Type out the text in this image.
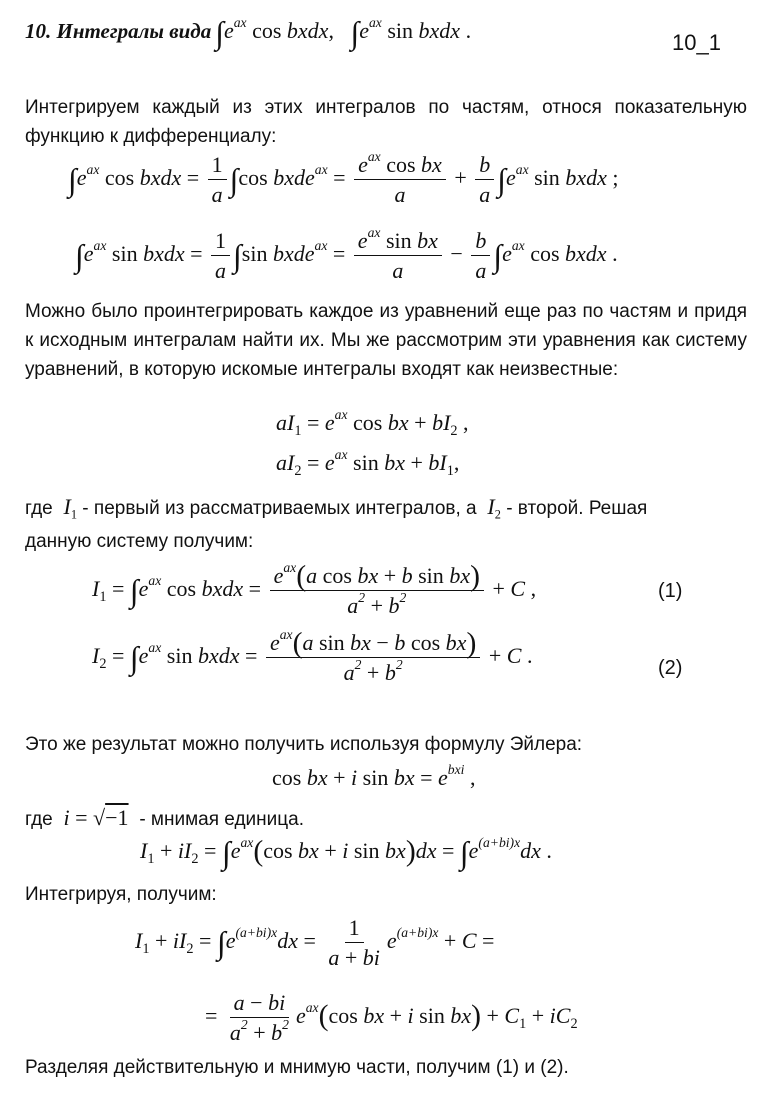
10. Интегралы вида $\int e^{ax}$ cos bxdx,   $\int e^{ax}$ sin bxdx .	10_1
Интегрируем каждый из этих интегралов по частям, относя показательную функцию к дифференциалу:
$\int e^{ax}$ cos bxdx = $\frac{1}{a} \int\cos$ bxde$^{ax}$ = $\frac{e^{ax} \cos bx}{a} + \frac{b}{a} \int e^{ax}$ sin bxdx ;
$\int e^{ax}$ sin bxdx = $\frac{1}{a} \int\sin$ bxde$^{ax}$ = $\frac{e^{ax} \sin bx}{a} - \frac{b}{a} \int e^{ax}$ cos bxdx .
Можно было проинтегрировать каждое из уравнений еще раз по частям и придя к исходным интегралам найти их. Мы же рассмотрим эти уравнения как систему уравнений, в которую искомые интегралы входят как неизвестные:
$aI_1 = e^{ax}$ cos bx + $bI_2$ ,
$aI_2 = e^{ax}$ sin bx + $bI_1$,
где  $I_1$ - первый из рассматриваемых интегралов, а  $I_2$ - второй. Решая
данную систему получим:
$I_1 = \int e^{ax}$ cos bxdx = $\frac{e^{ax}(a \cos bx + b \sin bx)}{a^2 + b^2} + C$ ,	(1)
$I_2 = \int e^{ax}$ sin bxdx = $\frac{e^{ax}(a \sin bx - b \cos bx)}{a^2 + b^2} + C$ .
(2)
Это же результат можно получить используя формулу Эйлера:
cos bx + i sin bx = $e^{bxi}$ ,
где i = √−1 - мнимая единица.
$I_1 + iI_2 = \int e^{ax}(\cos$ bx + i $\sin bx)dx = \int e^{(a+bi)x}dx$ .
Интегрируя, получим:
$I_1 + iI_2 = \int e^{(a+bi)x}dx = \frac{1}{a + bi} e^{(a+bi)x} + C$ =
= $\frac{a - bi}{a^2 + b^2} e^{ax}(\cos$ bx + i $\sin bx) + C_1 + iC_2$
Разделяя действительную и мнимую части, получим (1) и (2).
